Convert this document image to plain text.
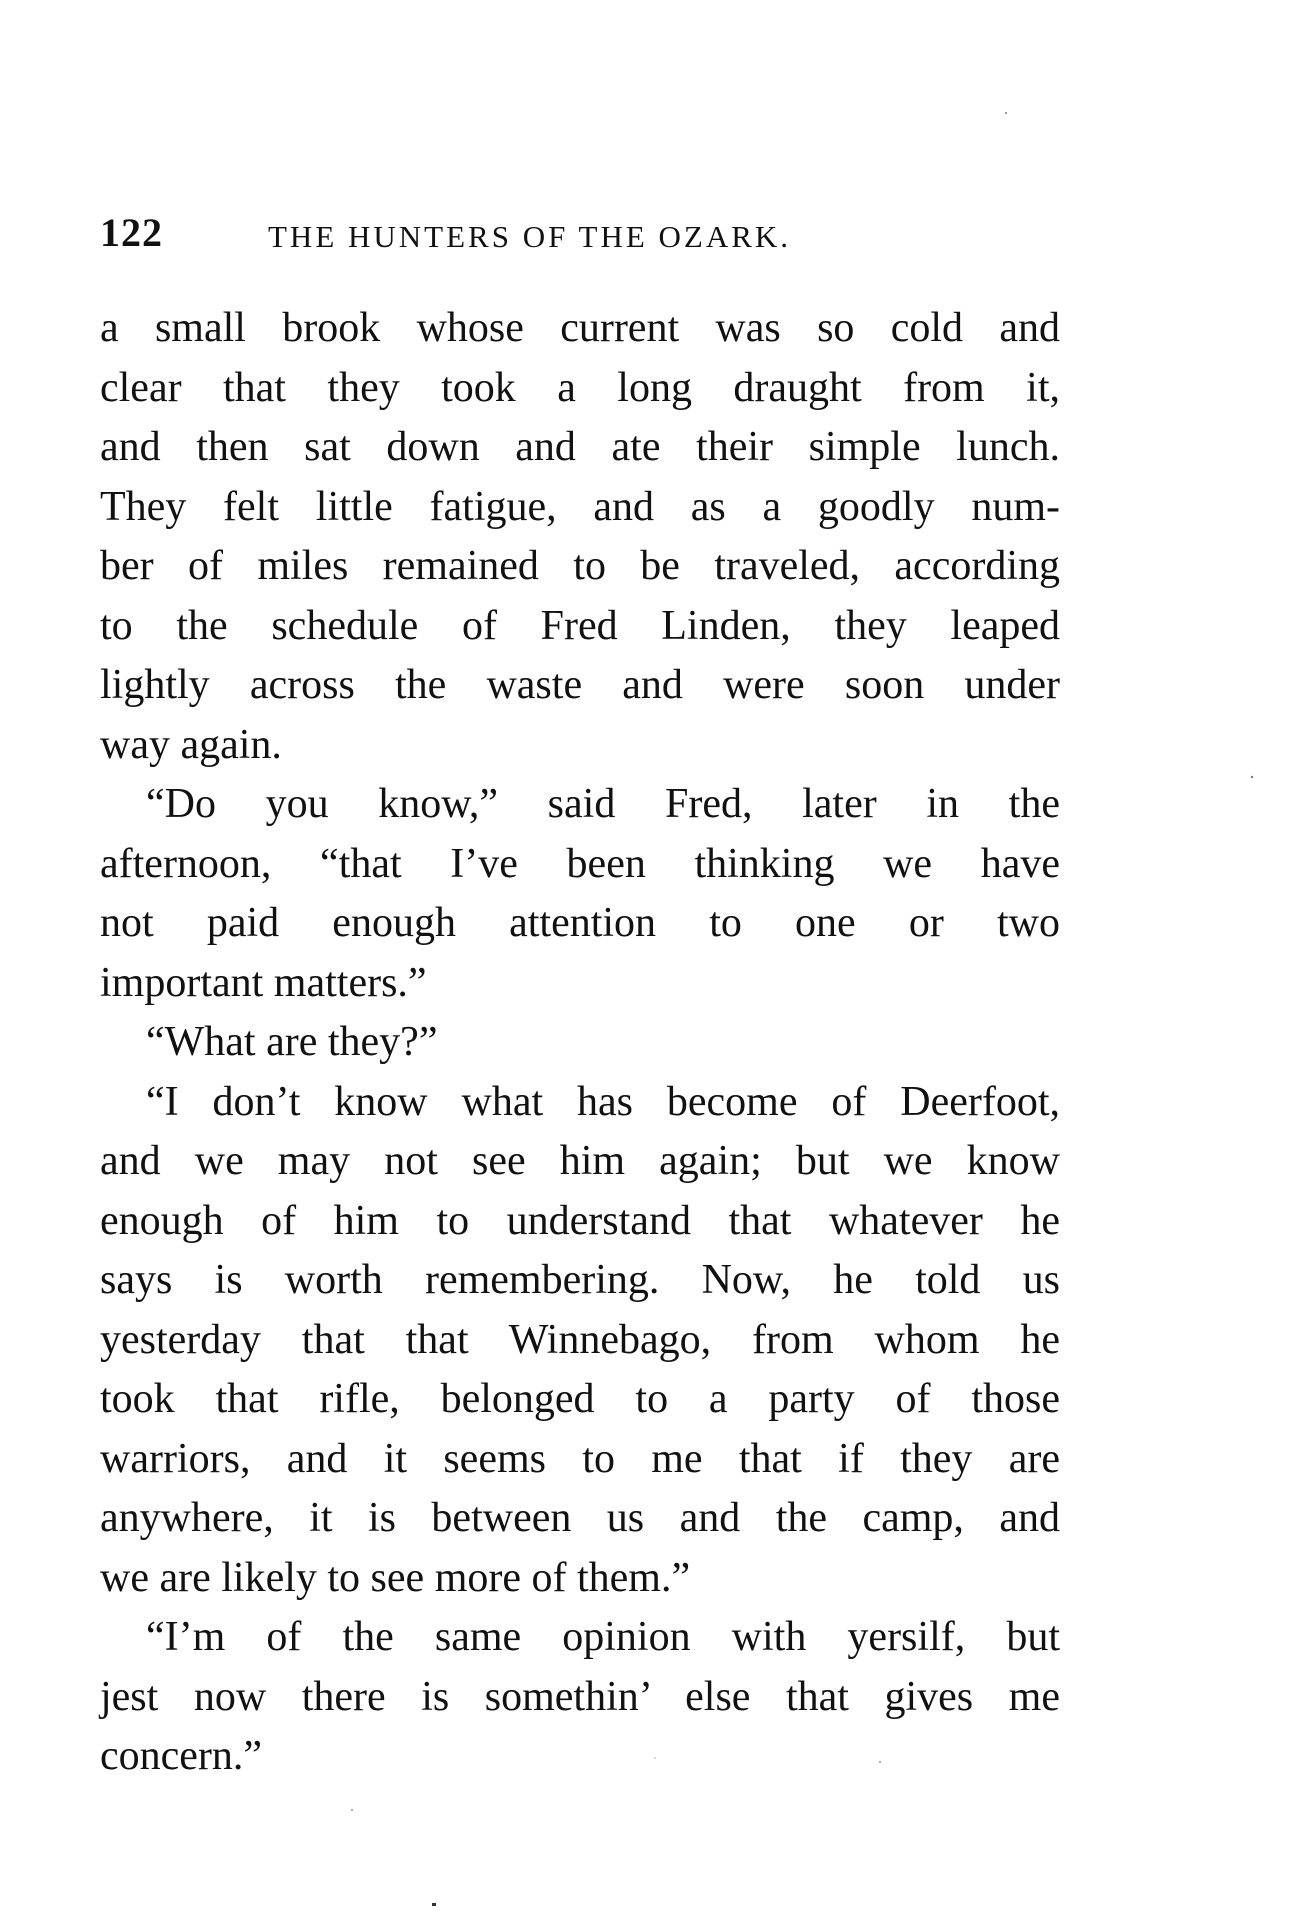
122	THE HUNTERS OF THE OZARK.
a small brook whose current was so cold and
clear that they took a long draught from it,
and then sat down and ate their simple lunch.
They felt little fatigue, and as a goodly num-
ber of miles remained to be traveled, according
to the schedule of Fred Linden, they leaped
lightly across the waste and were soon under
way again.
“Do you know,” said Fred, later in the
afternoon, “that I’ve been thinking we have
not paid enough attention to one or two
important matters.”
“What are they?”
“I don’t know what has become of Deerfoot,
and we may not see him again; but we know
enough of him to understand that whatever he
says is worth remembering. Now, he told us
yesterday that that Winnebago, from whom he
took that rifle, belonged to a party of those
warriors, and it seems to me that if they are
anywhere, it is between us and the camp, and
we are likely to see more of them.”
“I’m of the same opinion with yersilf, but
jest now there is somethin’ else that gives me
concern.”
